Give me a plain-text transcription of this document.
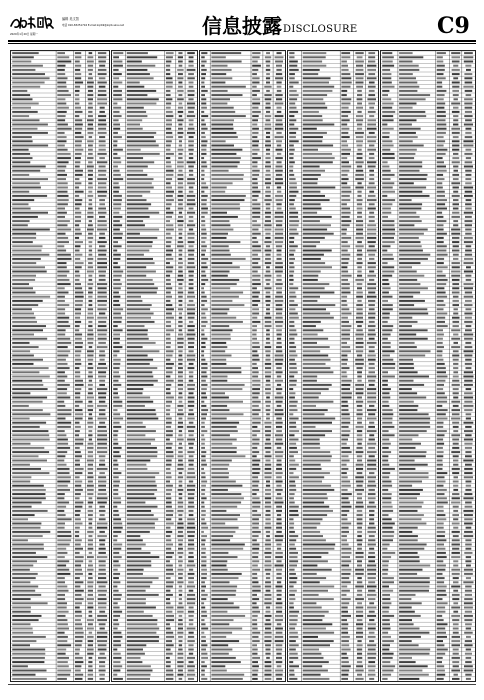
编辑 吴文智
电话 010-83251716 E-mail:zqrb9@zqrb.sina.net
2020年1月20日 星期一	信息披露 DISCLOSURE	C9
